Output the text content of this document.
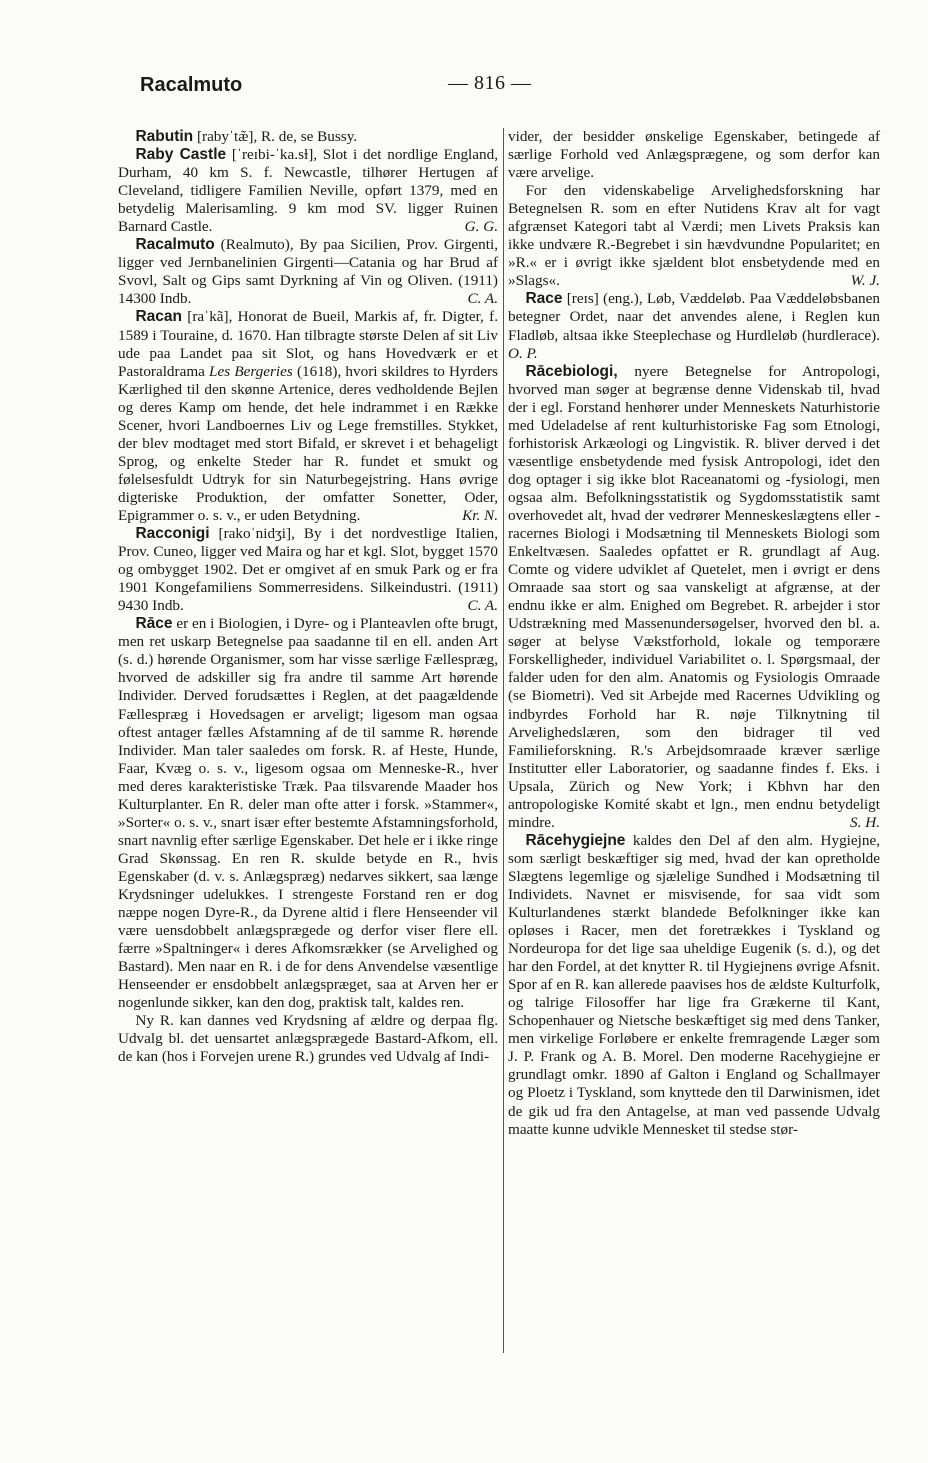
Racalmuto	— 816 —

Rabutin [rabyˈtæ̃], R. de, se Bussy.

Raby Castle [ˈreɪbi-ˈka.sɫ], Slot i det nordlige England, Durham, 40 km S. f. Newcastle, tilhører Hertugen af Cleveland, tidligere Familien Neville, opført 1379, med en betydelig Malerisamling. 9 km mod SV. ligger Ruinen Barnard Castle.	G. G.

Racalmuto (Realmuto), By paa Sicilien, Prov. Girgenti, ligger ved Jernbanelinien Girgenti—Catania og har Brud af Svovl, Salt og Gips samt Dyrkning af Vin og Oliven. (1911) 14300 Indb.	C. A.

Racan [raˈkã], Honorat de Bueil, Markis af, fr. Digter, f. 1589 i Touraine, d. 1670. Han tilbragte største Delen af sit Liv ude paa Landet paa sit Slot, og hans Hovedværk er et Pastoraldrama Les Bergeries (1618), hvori skildres to Hyrders Kærlighed til den skønne Artenice, deres vedholdende Bejlen og deres Kamp om hende, det hele indrammet i en Række Scener, hvori Landboernes Liv og Lege fremstilles. Stykket, der blev modtaget med stort Bifald, er skrevet i et behageligt Sprog, og enkelte Steder har R. fundet et smukt og følelsesfuldt Udtryk for sin Naturbegejstring. Hans øvrige digteriske Produktion, der omfatter Sonetter, Oder, Epigrammer o. s. v., er uden Betydning.	Kr. N.

Racconigi [rakoˈnidʒi], By i det nordvestlige Italien, Prov. Cuneo, ligger ved Maira og har et kgl. Slot, bygget 1570 og ombygget 1902. Det er omgivet af en smuk Park og er fra 1901 Kongefamiliens Sommerresidens. Silkeindustri. (1911) 9430 Indb.	C. A.

Rāce er en i Biologien, i Dyre- og i Planteavlen ofte brugt, men ret uskarp Betegnelse paa saadanne til en ell. anden Art (s. d.) hørende Organismer, som har visse særlige Fællespræg, hvorved de adskiller sig fra andre til samme Art hørende Individer. Derved forudsættes i Reglen, at det paagældende Fællespræg i Hovedsagen er arveligt; ligesom man ogsaa oftest antager fælles Afstamning af de til samme R. hørende Individer. Man taler saaledes om forsk. R. af Heste, Hunde, Faar, Kvæg o. s. v., ligesom ogsaa om Menneske-R., hver med deres karakteristiske Træk. Paa tilsvarende Maader hos Kulturplanter. En R. deler man ofte atter i forsk. »Stammer«, »Sorter« o. s. v., snart især efter bestemte Afstamningsforhold, snart navnlig efter særlige Egenskaber. Det hele er i ikke ringe Grad Skønssag. En ren R. skulde betyde en R., hvis Egenskaber (d. v. s. Anlægspræg) nedarves sikkert, saa længe Krydsninger udelukkes. I strengeste Forstand ren er dog næppe nogen Dyre-R., da Dyrene altid i flere Henseender vil være uensdobbelt anlægsprægede og derfor viser flere ell. færre »Spaltninger« i deres Afkomsrækker (se Arvelighed og Bastard). Men naar en R. i de for dens Anvendelse væsentlige Henseender er ensdobbelt anlægspræget, saa at Arven her er nogenlunde sikker, kan den dog, praktisk talt, kaldes ren.

Ny R. kan dannes ved Krydsning af ældre og derpaa flg. Udvalg bl. det uensartet anlægsprægede Bastard-Afkom, ell. de kan (hos i Forvejen urene R.) grundes ved Udvalg af Indi-

vider, der besidder ønskelige Egenskaber, betingede af særlige Forhold ved Anlægsprægene, og som derfor kan være arvelige.

For den videnskabelige Arvelighedsforskning har Betegnelsen R. som en efter Nutidens Krav alt for vagt afgrænset Kategori tabt al Værdi; men Livets Praksis kan ikke undvære R.-Begrebet i sin hævdvundne Popularitet; en »R.« er i øvrigt ikke sjældent blot ensbetydende med en »Slags«.	W. J.

Race [reɪs] (eng.), Løb, Væddeløb. Paa Væddeløbsbanen betegner Ordet, naar det anvendes alene, i Reglen kun Fladløb, altsaa ikke Steeplechase og Hurdleløb (hurdlerace). O. P.

Rācebiologi, nyere Betegnelse for Antropologi, hvorved man søger at begrænse denne Videnskab til, hvad der i egl. Forstand henhører under Menneskets Naturhistorie med Udeladelse af rent kulturhistoriske Fag som Etnologi, forhistorisk Arkæologi og Lingvistik. R. bliver derved i det væsentlige ensbetydende med fysisk Antropologi, idet den dog optager i sig ikke blot Raceanatomi og -fysiologi, men ogsaa alm. Befolkningsstatistik og Sygdomsstatistik samt overhovedet alt, hvad der vedrører Menneskeslægtens eller -racernes Biologi i Modsætning til Menneskets Biologi som Enkeltvæsen. Saaledes opfattet er R. grundlagt af Aug. Comte og videre udviklet af Quetelet, men i øvrigt er dens Omraade saa stort og saa vanskeligt at afgrænse, at der endnu ikke er alm. Enighed om Begrebet. R. arbejder i stor Udstrækning med Massenundersøgelser, hvorved den bl. a. søger at belyse Vækstforhold, lokale og temporære Forskelligheder, individuel Variabilitet o. l. Spørgsmaal, der falder uden for den alm. Anatomis og Fysiologis Omraade (se Biometri). Ved sit Arbejde med Racernes Udvikling og indbyrdes Forhold har R. nøje Tilknytning til Arvelighedslæren, som den bidrager til ved Familieforskning. R.'s Arbejdsomraade kræver særlige Institutter eller Laboratorier, og saadanne findes f. Eks. i Upsala, Zürich og New York; i Kbhvn har den antropologiske Komité skabt et lgn., men endnu betydeligt mindre.	S. H.

Rācehygiejne kaldes den Del af den alm. Hygiejne, som særligt beskæftiger sig med, hvad der kan opretholde Slægtens legemlige og sjælelige Sundhed i Modsætning til Individets. Navnet er misvisende, for saa vidt som Kulturlandenes stærkt blandede Befolkninger ikke kan opløses i Racer, men det foretrækkes i Tyskland og Nordeuropa for det lige saa uheldige Eugenik (s. d.), og det har den Fordel, at det knytter R. til Hygiejnens øvrige Afsnit. Spor af en R. kan allerede paavises hos de ældste Kulturfolk, og talrige Filosoffer har lige fra Grækerne til Kant, Schopenhauer og Nietsche beskæftiget sig med dens Tanker, men virkelige Forløbere er enkelte fremragende Læger som J. P. Frank og A. B. Morel. Den moderne Racehygiejne er grundlagt omkr. 1890 af Galton i England og Schallmayer og Ploetz i Tyskland, som knyttede den til Darwinismen, idet de gik ud fra den Antagelse, at man ved passende Udvalg maatte kunne udvikle Mennesket til stedse stør-
